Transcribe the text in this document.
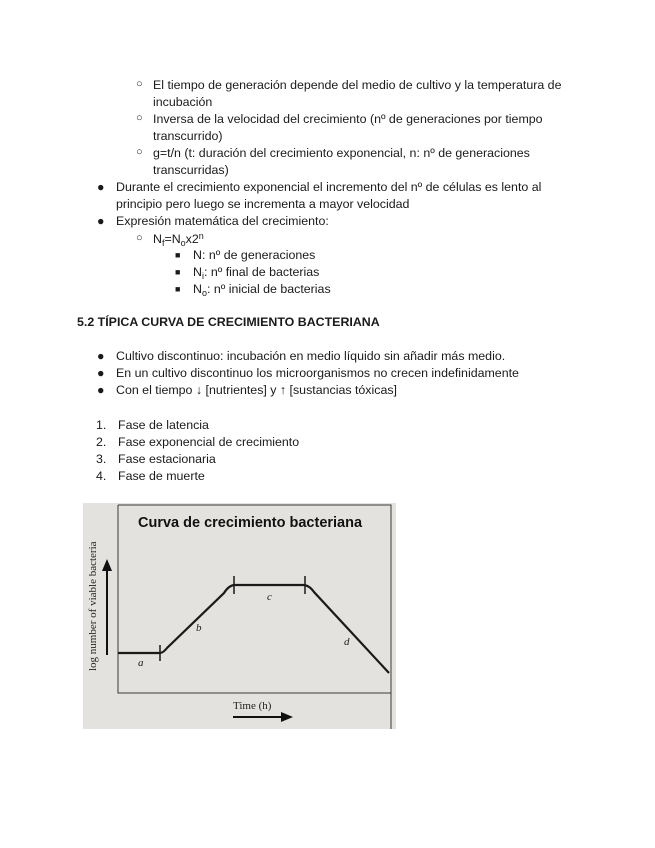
○ El tiempo de generación depende del medio de cultivo y la temperatura de
incubación
○ Inversa de la velocidad del crecimiento (nº de generaciones por tiempo
transcurrido)
○ g=t/n (t: duración del crecimiento exponencial, n: nº de generaciones
transcurridas)
● Durante el crecimiento exponencial el incremento del nº de células es lento al
principio pero luego se incrementa a mayor velocidad
● Expresión matemática del crecimiento:
○ $N_f=N_ox2^n$
■ N: nº de generaciones
■ $N_i$: nº final de bacterias
■ $N_o$: nº inicial de bacterias
5.2 TÍPICA CURVA DE CRECIMIENTO BACTERIANA
● Cultivo discontinuo: incubación en medio líquido sin añadir más medio.
● En un cultivo discontinuo los microorganismos no crecen indefinidamente
● Con el tiempo ↓ [nutrientes] y ↑ [sustancias tóxicas]
1. Fase de latencia
2. Fase exponencial de crecimiento
3. Fase estacionaria
4. Fase de muerte
Curva de crecimiento bacteriana
log number of viable bacteria
Time (h)
a
b
c
d
